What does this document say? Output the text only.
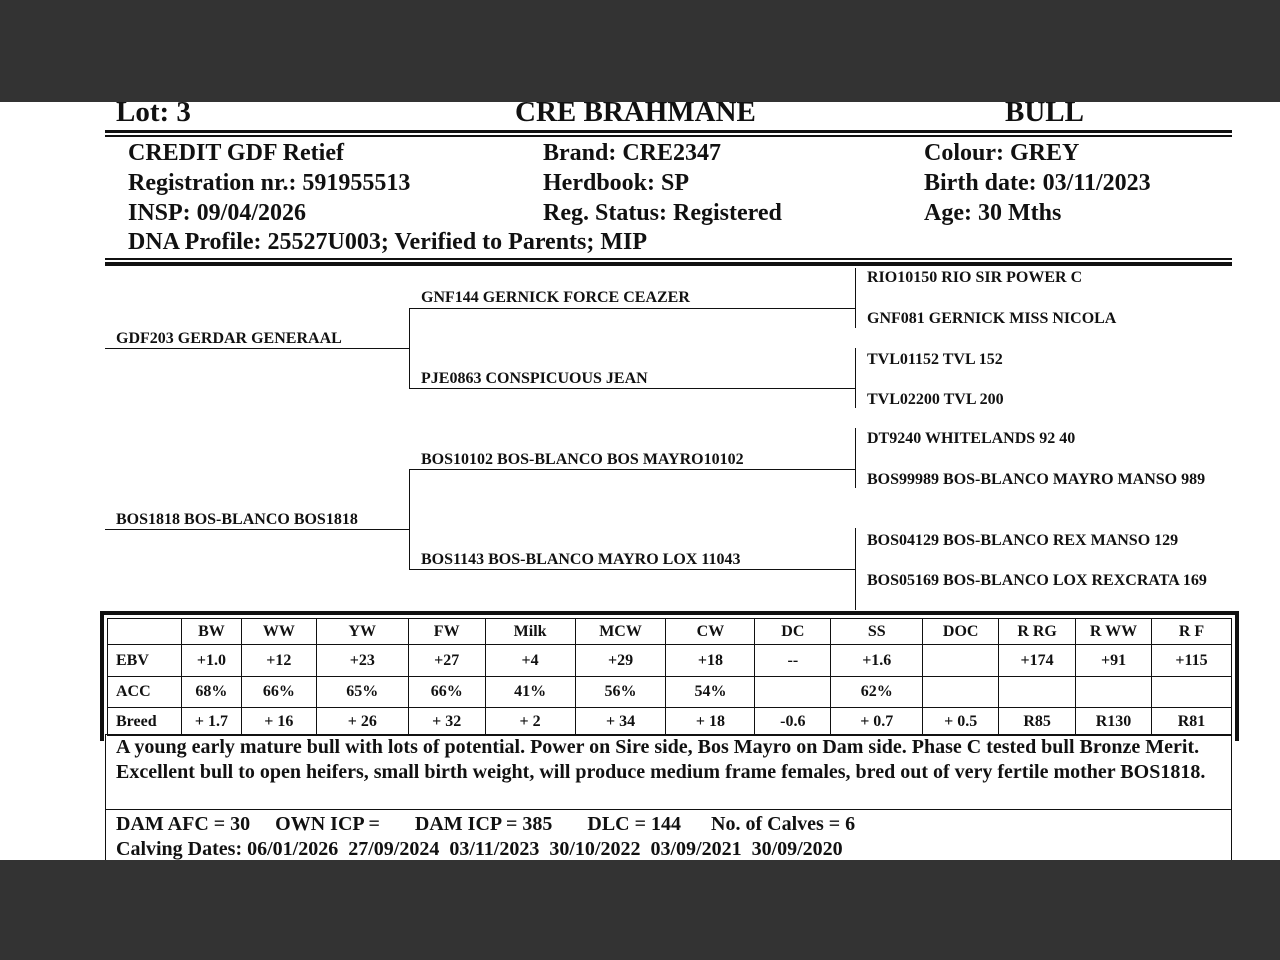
Lot: 3	CRE BRAHMANE	BULL
CREDIT GDF Retief	Brand: CRE2347	Colour: GREY
Registration nr.: 591955513	Herdbook: SP	Birth date: 03/11/2023
INSP: 09/04/2026	Reg. Status: Registered	Age: 30 Mths
DNA Profile: 25527U003; Verified to Parents; MIP
GDF203 GERDAR GENERAAL
BOS1818 BOS-BLANCO BOS1818
GNF144 GERNICK FORCE CEAZER
PJE0863 CONSPICUOUS JEAN
BOS10102 BOS-BLANCO BOS MAYRO10102
BOS1143 BOS-BLANCO MAYRO LOX 11043
RIO10150 RIO SIR POWER C
GNF081 GERNICK MISS NICOLA
TVL01152 TVL 152
TVL02200 TVL 200
DT9240 WHITELANDS 92 40
BOS99989 BOS-BLANCO MAYRO MANSO 989
BOS04129 BOS-BLANCO REX MANSO 129
BOS05169 BOS-BLANCO LOX REXCRATA 169
	BW	WW	YW	FW	Milk	MCW	CW	DC	SS	DOC	R RG	R WW	R F
EBV	+1.0	+12	+23	+27	+4	+29	+18	--	+1.6		+174	+91	+115
ACC	68%	66%	65%	66%	41%	56%	54%		62%				
Breed	+ 1.7	+ 16	+ 26	+ 32	+ 2	+ 34	+ 18	-0.6	+ 0.7	+ 0.5	R85	R130	R81
A young early mature bull with lots of potential. Power on Sire side, Bos Mayro on Dam side. Phase C tested bull Bronze Merit. Excellent bull to open heifers, small birth weight, will produce medium frame females, bred out of very fertile mother BOS1818.
DAM AFC = 30     OWN ICP =       DAM ICP = 385       DLC = 144      No. of Calves = 6
Calving Dates: 06/01/2026  27/09/2024  03/11/2023  30/10/2022  03/09/2021  30/09/2020
